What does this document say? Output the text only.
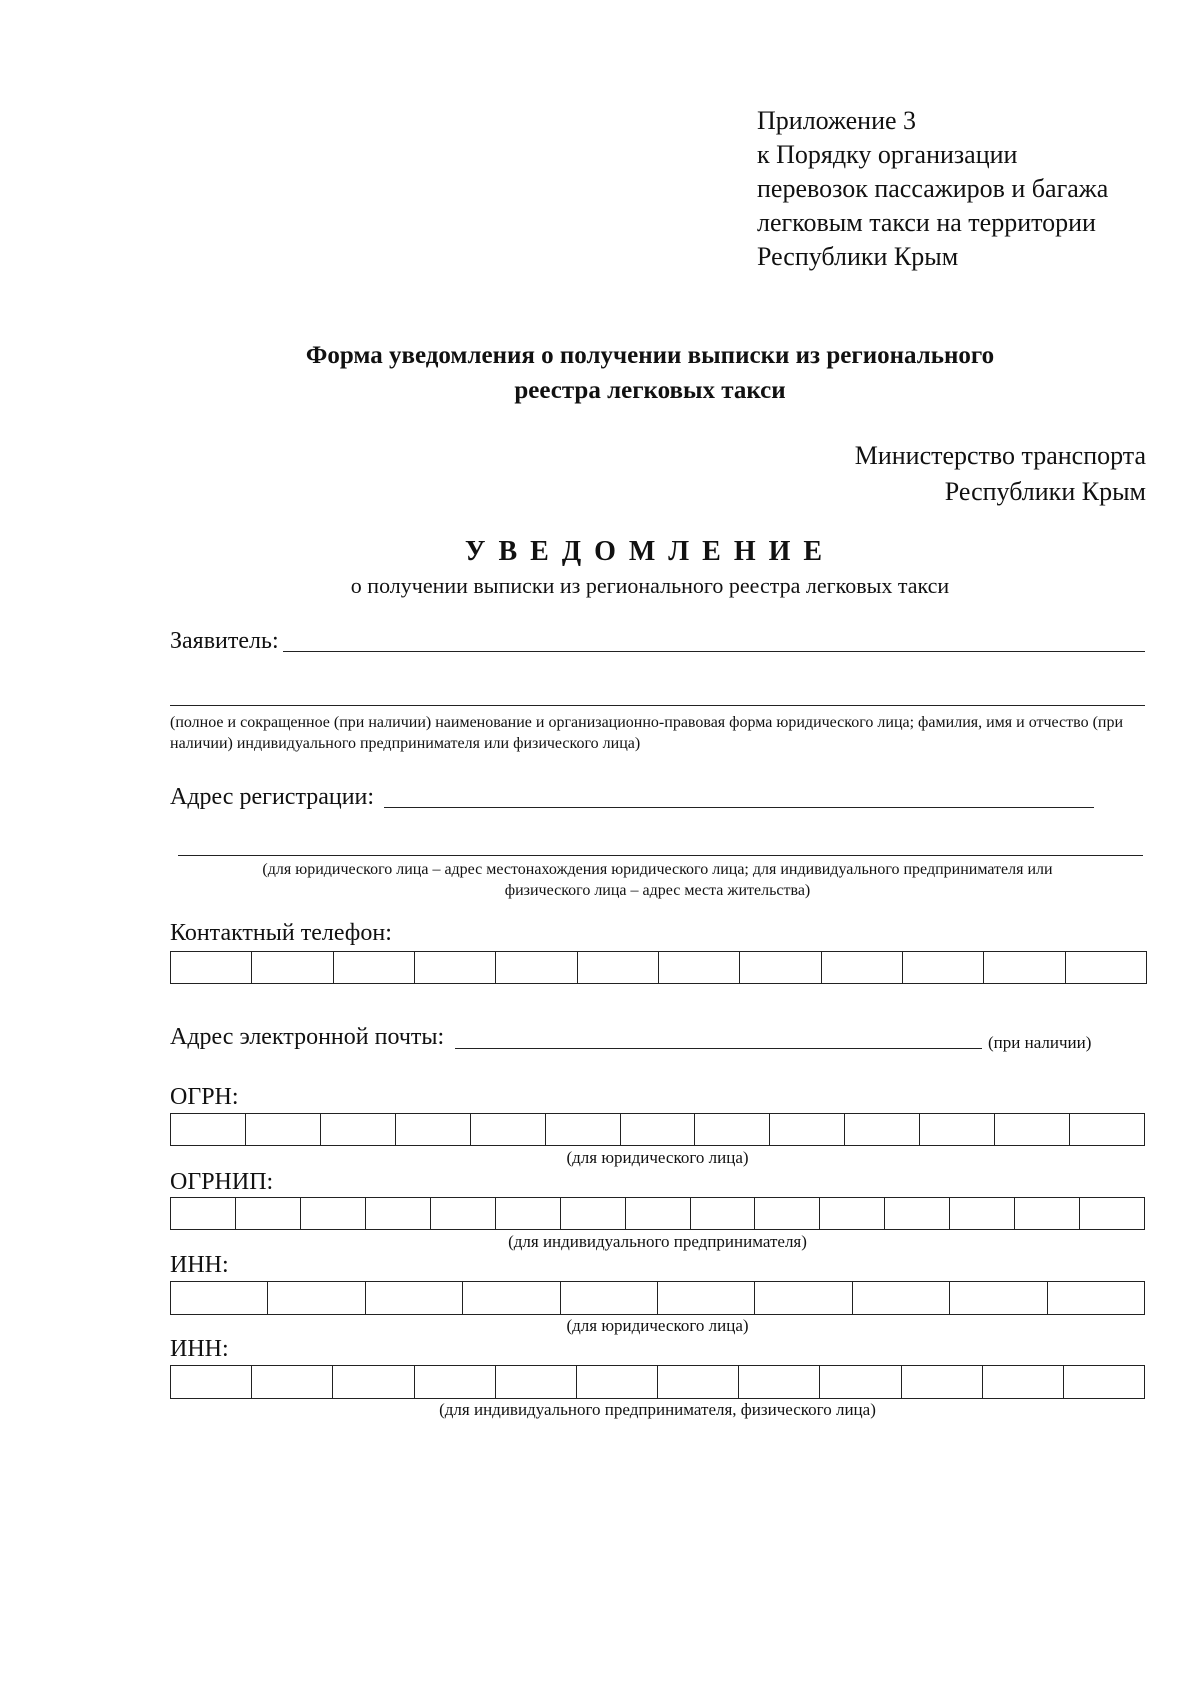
Приложение 3
к Порядку организации
перевозок пассажиров и багажа
легковым такси на территории
Республики Крым
Форма уведомления о получении выписки из регионального
реестра легковых такси
Министерство транспорта
Республики Крым
УВЕДОМЛЕНИЕ
о получении выписки из регионального реестра легковых такси
Заявитель:
(полное и сокращенное (при наличии) наименование и организационно-правовая форма юридического лица; фамилия, имя и отчество (при наличии) индивидуального предпринимателя или физического лица)
Адрес регистрации:
(для юридического лица – адрес местонахождения юридического лица; для индивидуального предпринимателя или
физического лица – адрес места жительства)
Контактный телефон:
Адрес электронной почты:	(при наличии)
ОГРН:
(для юридического лица)
ОГРНИП:
(для индивидуального предпринимателя)
ИНН:
(для юридического лица)
ИНН:
(для индивидуального предпринимателя, физического лица)
